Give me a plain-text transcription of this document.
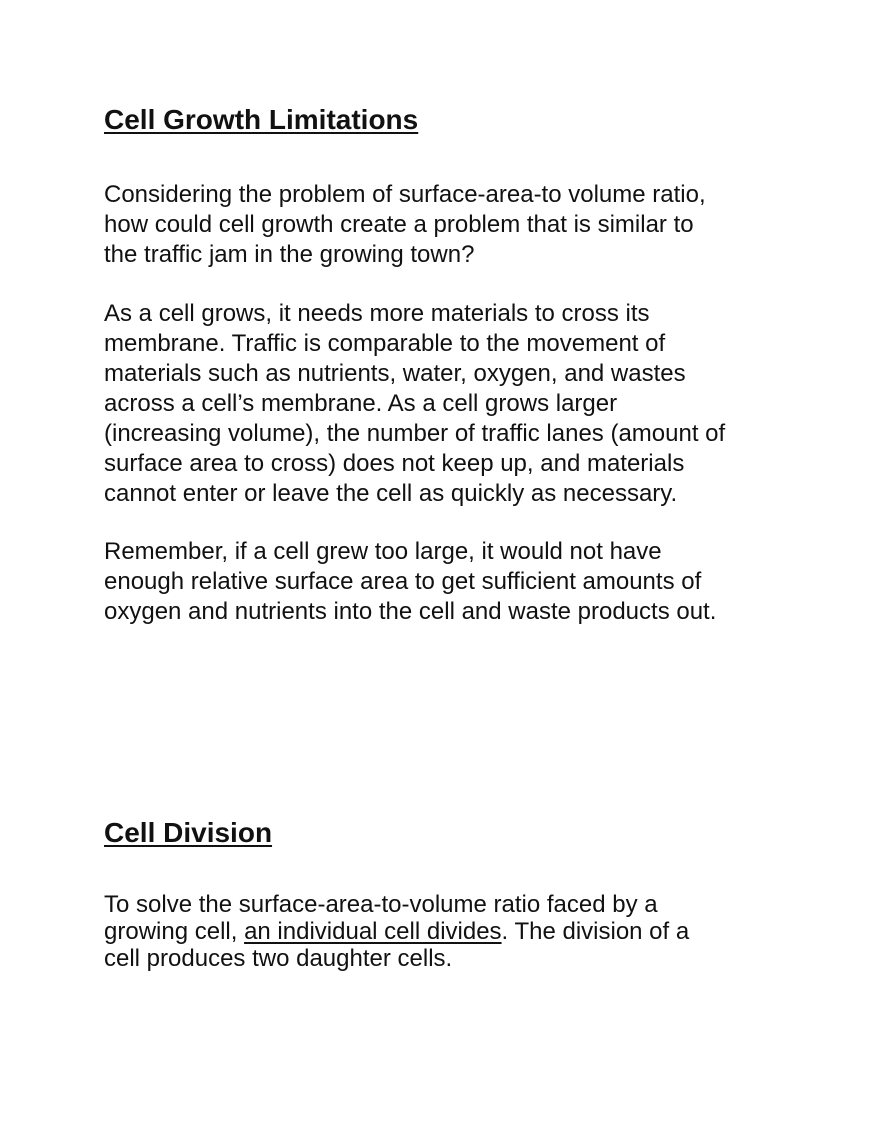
Cell Growth Limitations

Considering the problem of surface-area-to volume ratio,
how could cell growth create a problem that is similar to
the traffic jam in the growing town?

As a cell grows, it needs more materials to cross its
membrane. Traffic is comparable to the movement of
materials such as nutrients, water, oxygen, and wastes
across a cell’s membrane. As a cell grows larger
(increasing volume), the number of traffic lanes (amount of
surface area to cross) does not keep up, and materials
cannot enter or leave the cell as quickly as necessary.

Remember, if a cell grew too large, it would not have
enough relative surface area to get sufficient amounts of
oxygen and nutrients into the cell and waste products out.

Cell Division

To solve the surface-area-to-volume ratio faced by a
growing cell, an individual cell divides. The division of a
cell produces two daughter cells.
